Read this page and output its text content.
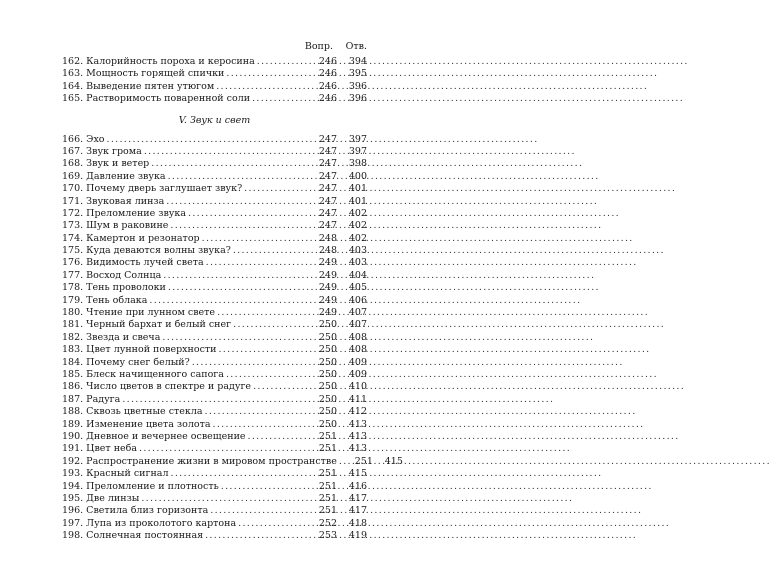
Вопр.	Отв.
162. Калорийность пороха и керосина .....	246	394
163. Мощность горящей спички .....	246	395
164. Выведение пятен утюгом .....	246	396
165. Растворимость поваренной соли .....	246	396
V. Звук и свет
166. Эхо .....	247	397
167. Звук грома .....	247	397
168. Звук и ветер .....	247	398
169. Давление звука .....	247	400
170. Почему дверь заглушает звук? .....	247	401
171. Звуковая линза .....	247	401
172. Преломление звука .....	247	402
173. Шум в раковине .....	247	402
174. Камертон и резонатор .....	248	402
175. Куда деваются волны звука? .....	248	403
176. Видимость лучей света .....	249	403
177. Восход Солнца .....	249	404
178. Тень проволоки .....	249	405
179. Тень облака .....	249	406
180. Чтение при лунном свете .....	249	407
181. Черный бархат и белый снег .....	250	407
182. Звезда и свеча .....	250	408
183. Цвет лунной поверхности .....	250	408
184. Почему снег белый? .....	250	409
185. Блеск начищенного сапога .....	250	409
186. Число цветов в спектре и радуге .....	250	410
187. Радуга .....	250	411
188. Сквозь цветные стекла .....	250	412
189. Изменение цвета золота .....	250	413
190. Дневное и вечернее освещение .....	251	413
191. Цвет неба .....	251	413
192. Распространение жизни в мировом пространстве .....	251	415
193. Красный сигнал .....	251	415
194. Преломление и плотность .....	251	416
195. Две линзы .....	251	417
196. Светила близ горизонта .....	251	417
197. Лупа из проколотого картона .....	252	418
198. Солнечная постоянная .....	253	419
